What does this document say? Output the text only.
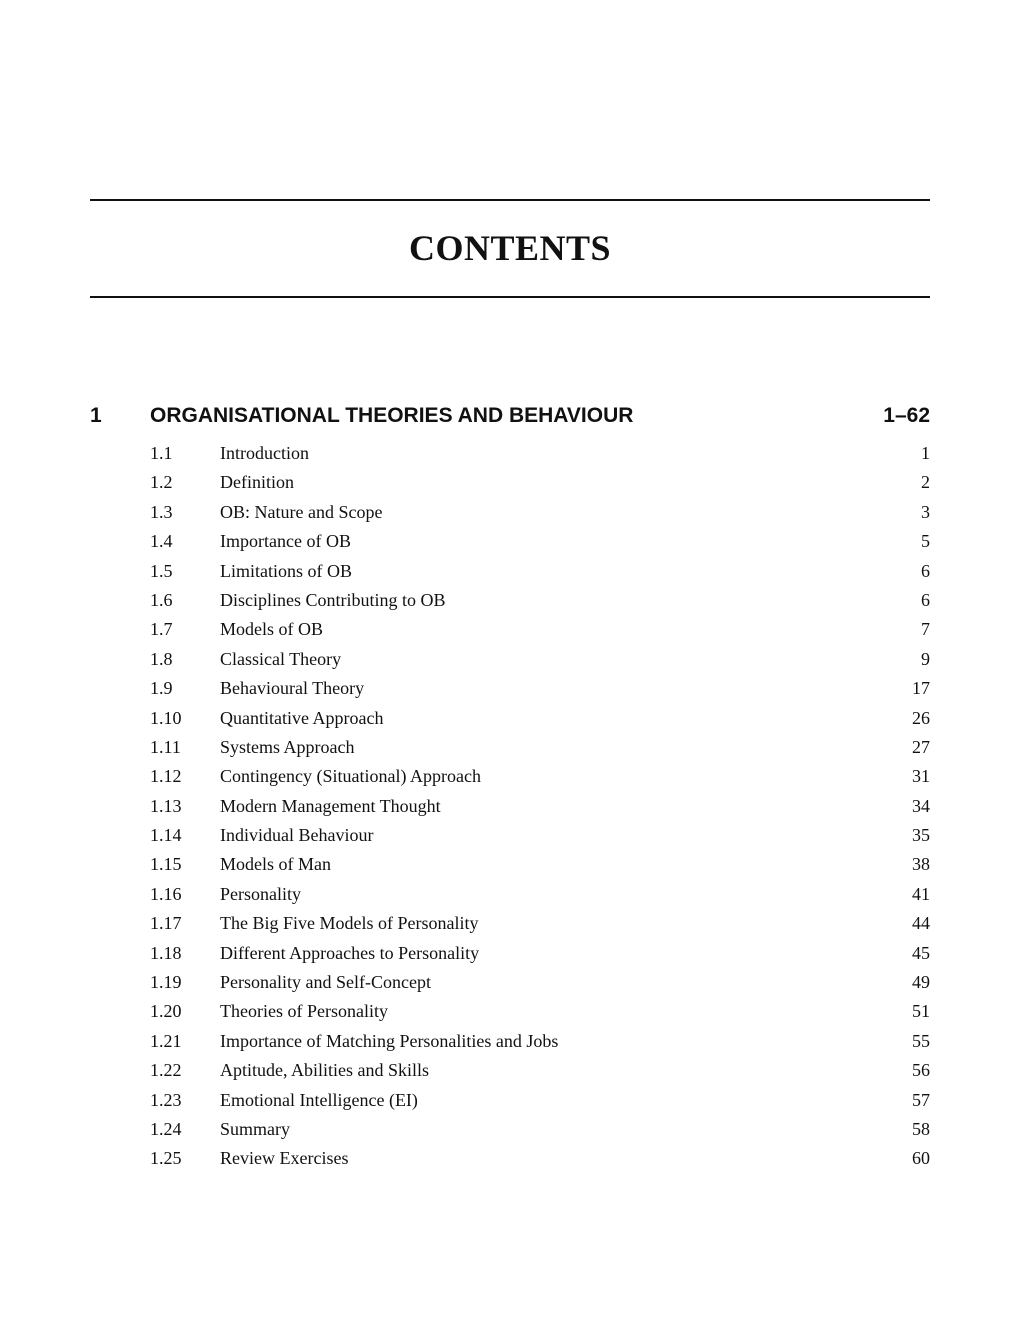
CONTENTS
1 ORGANISATIONAL THEORIES AND BEHAVIOUR	1–62
1.1	Introduction	1
1.2	Definition	2
1.3	OB: Nature and Scope	3
1.4	Importance of OB	5
1.5	Limitations of OB	6
1.6	Disciplines Contributing to OB	6
1.7	Models of OB	7
1.8	Classical Theory	9
1.9	Behavioural Theory	17
1.10 Quantitative Approach	26
1.11 Systems Approach	27
1.12 Contingency (Situational) Approach	31
1.13 Modern Management Thought	34
1.14 Individual Behaviour	35
1.15 Models of Man	38
1.16 Personality	41
1.17 The Big Five Models of Personality	44
1.18 Different Approaches to Personality	45
1.19 Personality and Self-Concept	49
1.20 Theories of Personality	51
1.21 Importance of Matching Personalities and Jobs	55
1.22 Aptitude, Abilities and Skills	56
1.23 Emotional Intelligence (EI)	57
1.24 Summary	58
1.25 Review Exercises	60
